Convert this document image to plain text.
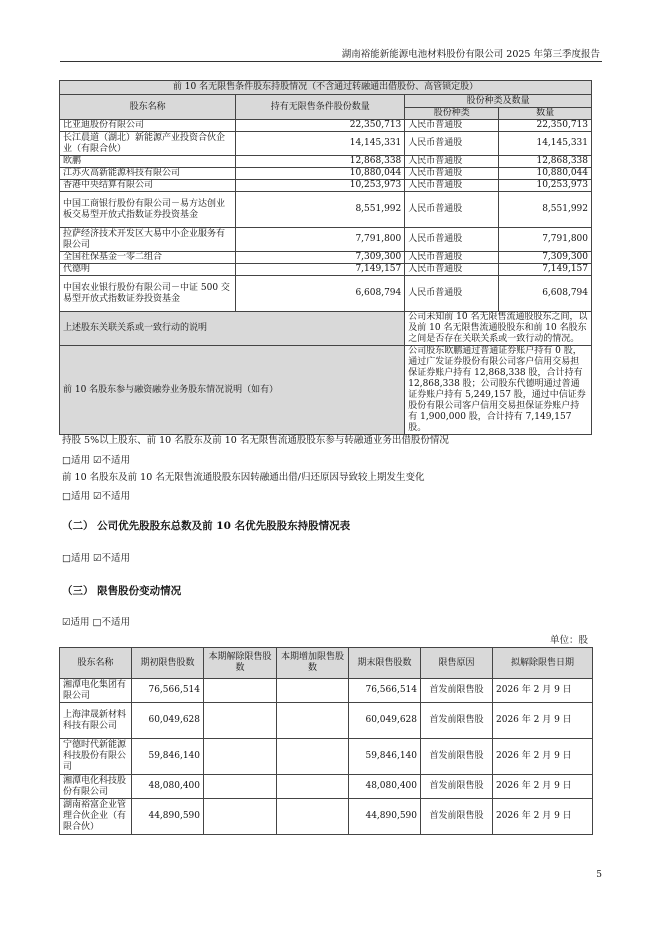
湖南裕能新能源电池材料股份有限公司 2025 年第三季度报告
前 10 名无限售条件股东持股情况（不含通过转融通出借股份、高管锁定股）			
股东名称	持有无限售条件股份数量	股份种类及数量	
		股份种类	数量
比亚迪股份有限公司	22,350,713	人民币普通股	22,350,713
长江晨道（湖北）新能源产业投资合伙企业（有限合伙）	14,145,331	人民币普通股	14,145,331
欧鹏	12,868,338	人民币普通股	12,868,338
江苏火高新能源科技有限公司	10,880,044	人民币普通股	10,880,044
香港中央结算有限公司	10,253,973	人民币普通股	10,253,973
中国工商银行股份有限公司－易方达创业板交易型开放式指数证券投资基金	8,551,992	人民币普通股	8,551,992
拉萨经济技术开发区大易中小企业服务有限公司	7,791,800	人民币普通股	7,791,800
全国社保基金一零二组合	7,309,300	人民币普通股	7,309,300
代德明	7,149,157	人民币普通股	7,149,157
中国农业银行股份有限公司－中证 500 交易型开放式指数证券投资基金	6,608,794	人民币普通股	6,608,794
上述股东关联关系或一致行动的说明		公司未知前 10 名无限售流通股股东之间，以及前 10 名无限售流通股股东和前 10 名股东之间是否存在关联关系或一致行动的情况。	
前 10 名股东参与融资融券业务股东情况说明（如有）		公司股东欧鹏通过普通证券账户持有 0 股，通过广发证券股份有限公司客户信用交易担保证券账户持有 12,868,338 股，合计持有 12,868,338 股；公司股东代德明通过普通证券账户持有 5,249,157 股，通过中信证券股份有限公司客户信用交易担保证券账户持有 1,900,000 股，合计持有 7,149,157 股。	
持股 5%以上股东、前 10 名股东及前 10 名无限售流通股股东参与转融通业务出借股份情况
□适用 ☑不适用
前 10 名股东及前 10 名无限售流通股股东因转融通出借/归还原因导致较上期发生变化
□适用 ☑不适用
（二） 公司优先股股东总数及前 10 名优先股股东持股情况表
□适用 ☑不适用
（三） 限售股份变动情况
☑适用 □不适用
单位：股
股东名称	期初限售股数	本期解除限售股数	本期增加限售股数	期末限售股数	限售原因	拟解除限售日期
湘潭电化集团有限公司	76,566,514			76,566,514	首发前限售股	2026 年 2 月 9 日
上海津晟新材料科技有限公司	60,049,628			60,049,628	首发前限售股	2026 年 2 月 9 日
宁德时代新能源科技股份有限公司	59,846,140			59,846,140	首发前限售股	2026 年 2 月 9 日
湘潭电化科技股份有限公司	48,080,400			48,080,400	首发前限售股	2026 年 2 月 9 日
湖南裕富企业管理合伙企业（有限合伙）	44,890,590			44,890,590	首发前限售股	2026 年 2 月 9 日
5
